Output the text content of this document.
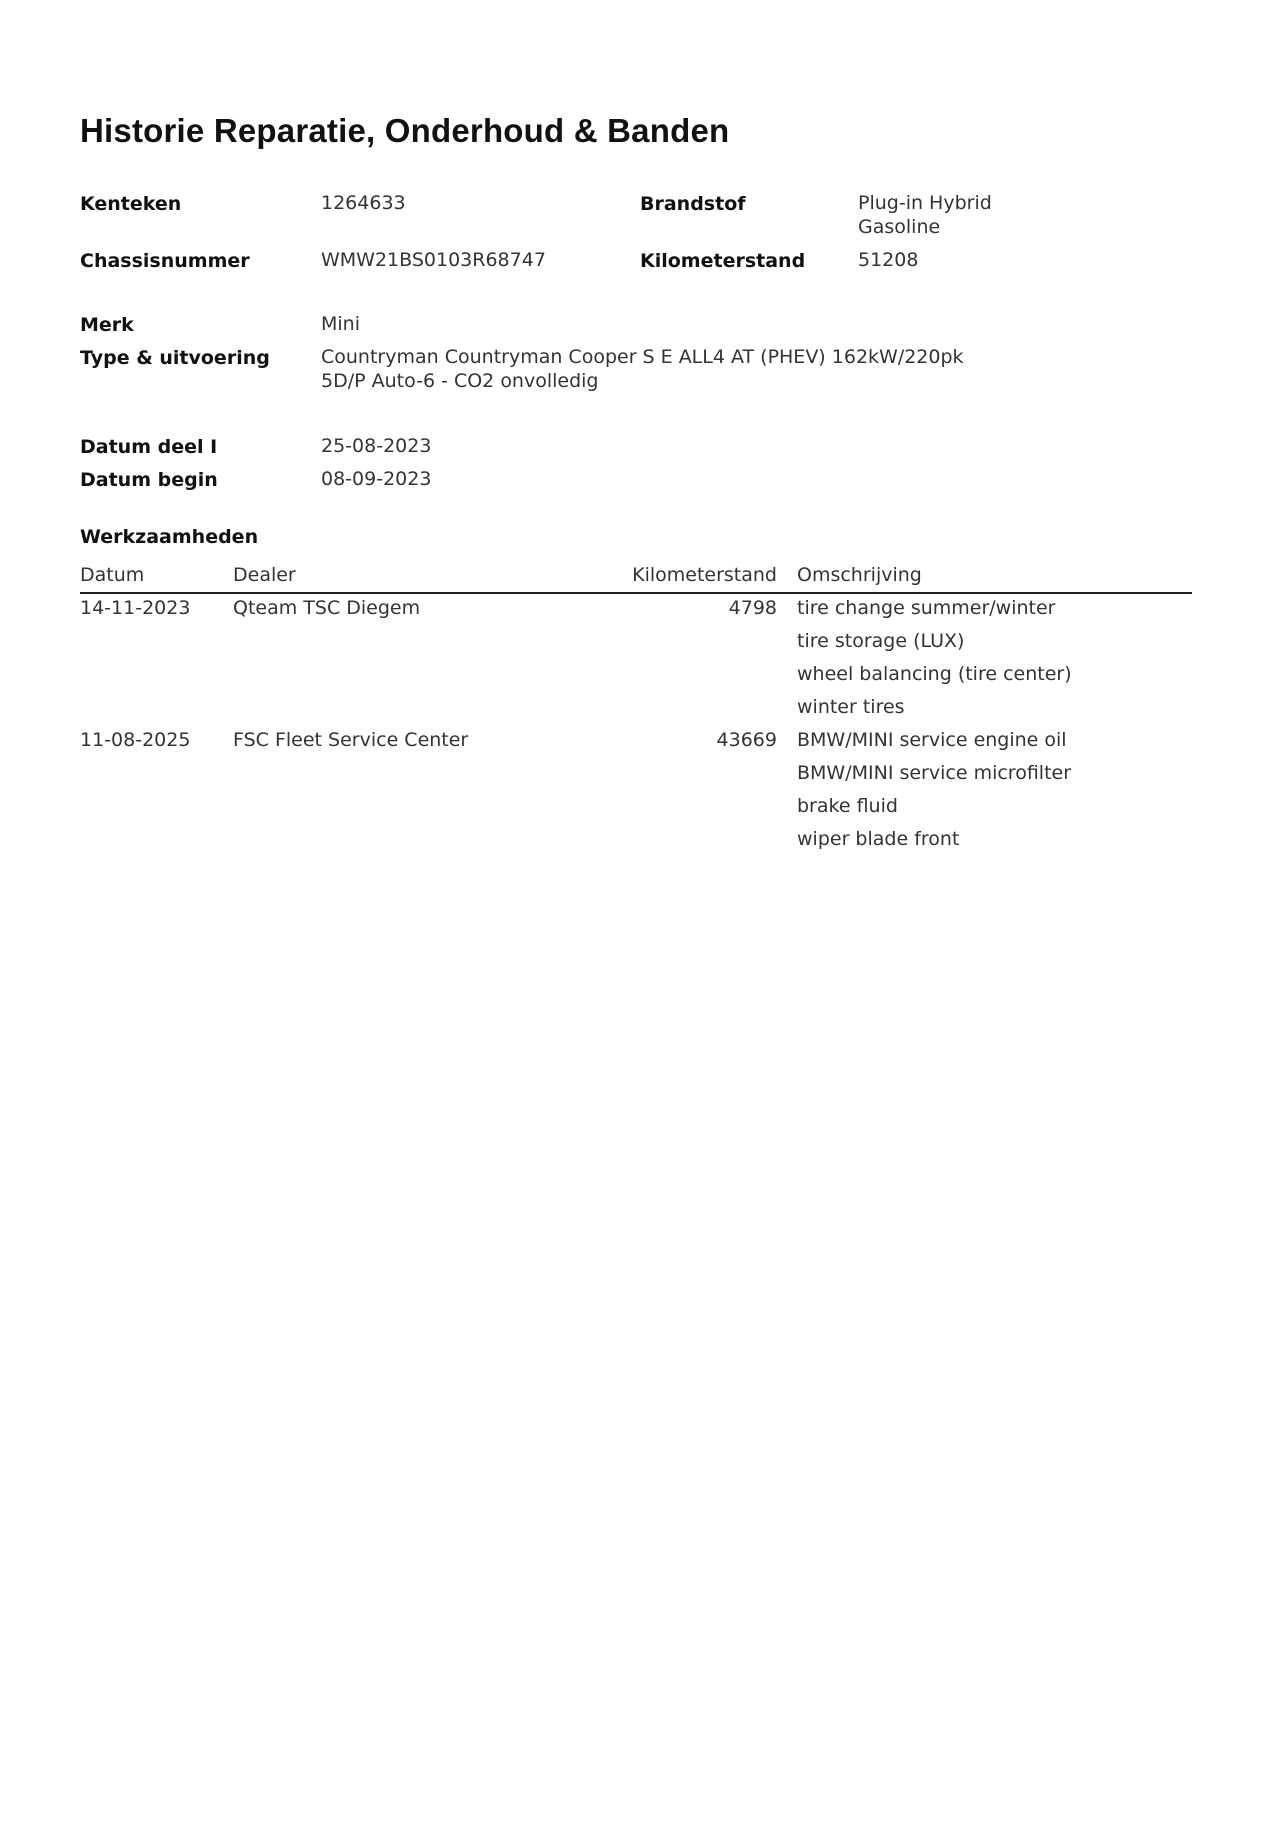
Historie Reparatie, Onderhoud & Banden
Kenteken	1264633	Brandstof	Plug-in Hybrid
Gasoline
Chassisnummer	WMW21BS0103R68747	Kilometerstand	51208
Merk	Mini
Type & uitvoering	Countryman Countryman Cooper S E ALL4 AT (PHEV) 162kW/220pk
5D/P Auto-6 - CO2 onvolledig
Datum deel I	25-08-2023
Datum begin	08-09-2023
Werkzaamheden
Datum	Dealer	Kilometerstand Omschrijving
14-11-2023 Qteam TSC Diegem	4798 tire change summer/winter
tire storage (LUX)
wheel balancing (tire center)
winter tires
11-08-2025 FSC Fleet Service Center	43669 BMW/MINI service engine oil
BMW/MINI service microfilter
brake fluid
wiper blade front
